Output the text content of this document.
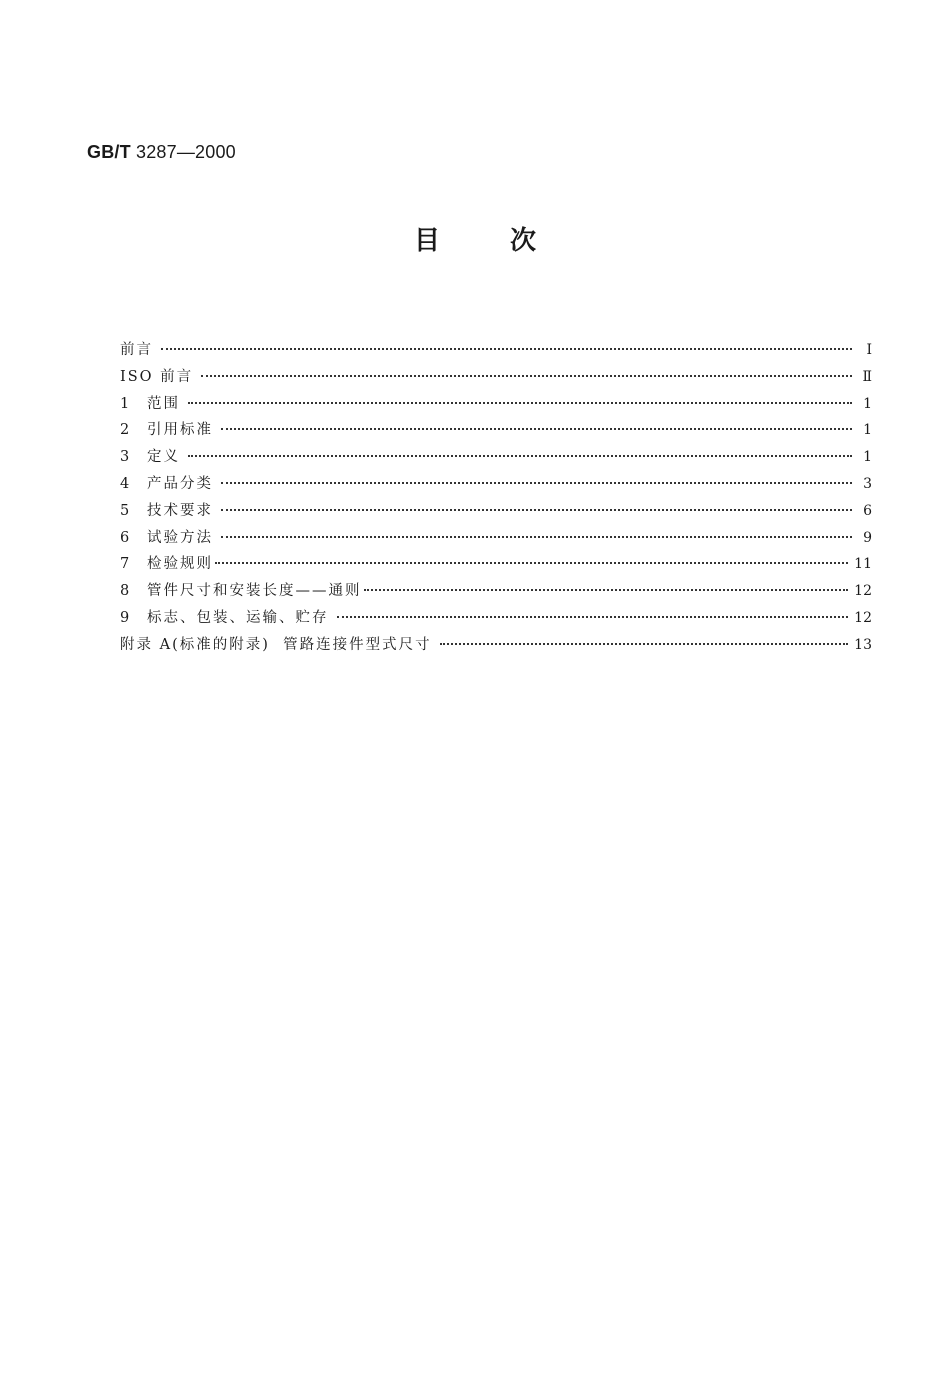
GB/T 3287—2000
目次
前言	I
ISO 前言	Ⅱ
1	范围	1
2	引用标准	1
3	定义	1
4	产品分类	3
5	技术要求	6
6	试验方法	9
7	检验规则	11
8	管件尺寸和安装长度——通则	12
9	标志、包装、运输、贮存	12
附录 A(标准的附录)  管路连接件型式尺寸	13
